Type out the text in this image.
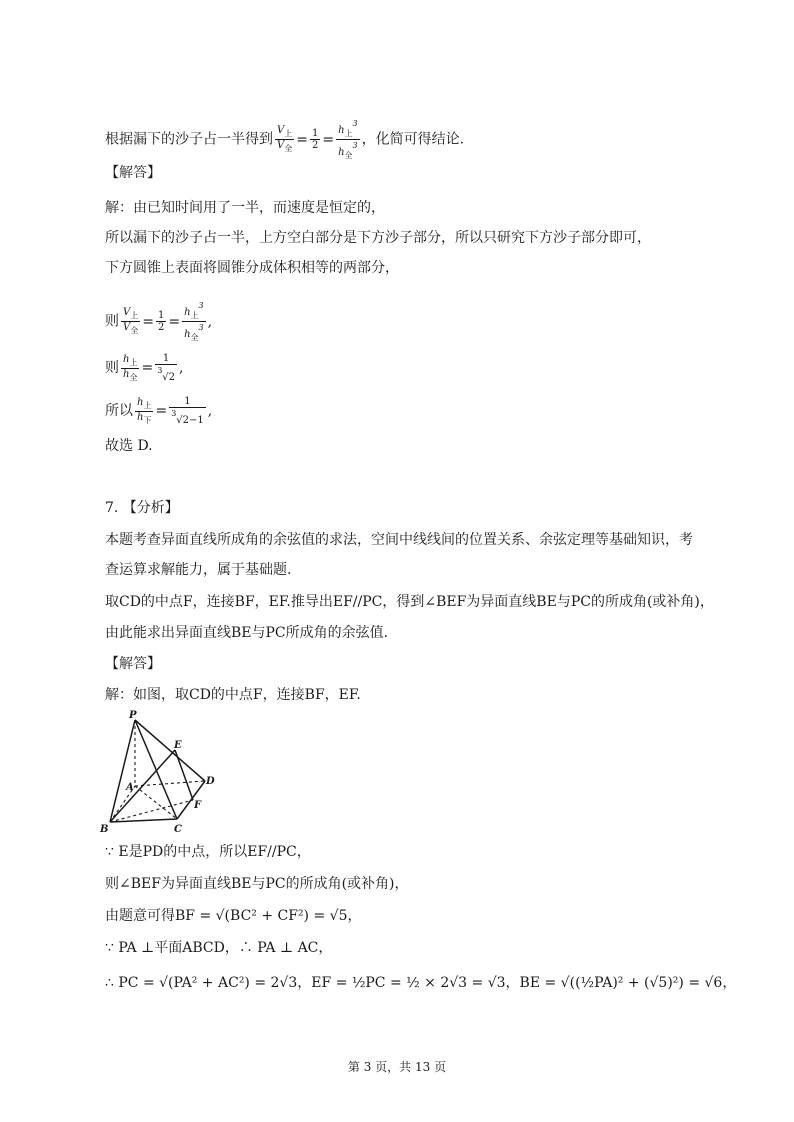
根据漏下的沙子占一半得到 $\frac{V_上}{V_全} = \frac{1}{2} = \frac{h_上^3}{h_全^3}$ ，化简可得结论.
【解答】
解：由已知时间用了一半，而速度是恒定的，
所以漏下的沙子占一半，上方空白部分是下方沙子部分，所以只研究下方沙子部分即可，
下方圆锥上表面将圆锥分成体积相等的两部分，
则 $\frac{V_上}{V_全} = \frac{1}{2} = \frac{h_上^3}{h_全^3}$ ,
则 $\frac{h_上}{h_全} = \frac{1}{^3√2}$ ,
所以 $\frac{h_上}{h_下} = \frac{1}{^3√2-1}$ ,
故选 D.
7. 【分析】
本题考查异面直线所成角的余弦值的求法，空间中线线间的位置关系、余弦定理等基础知识，考
查运算求解能力，属于基础题.
取CD的中点F，连接BF，EF.推导出EF//PC，得到∠BEF为异面直线BE与PC的所成角(或补角)，
由此能求出异面直线BE与PC所成角的余弦值.
【解答】
解：如图，取CD的中点F，连接BF，EF.
P
E
A
D
F
B	C
∵ E是PD的中点，所以EF//PC，
则∠BEF为异面直线BE与PC的所成角(或补角)，
由题意可得BF = √(BC² + CF²) = √5，
∵ PA ⊥平面ABCD，∴ PA ⊥ AC，
∴ PC = √(PA² + AC²) = 2√3，EF = ½PC = ½ × 2√3 = √3，BE = √((½PA)² + (√5)²) = √6，
第 3 页，共 13 页
